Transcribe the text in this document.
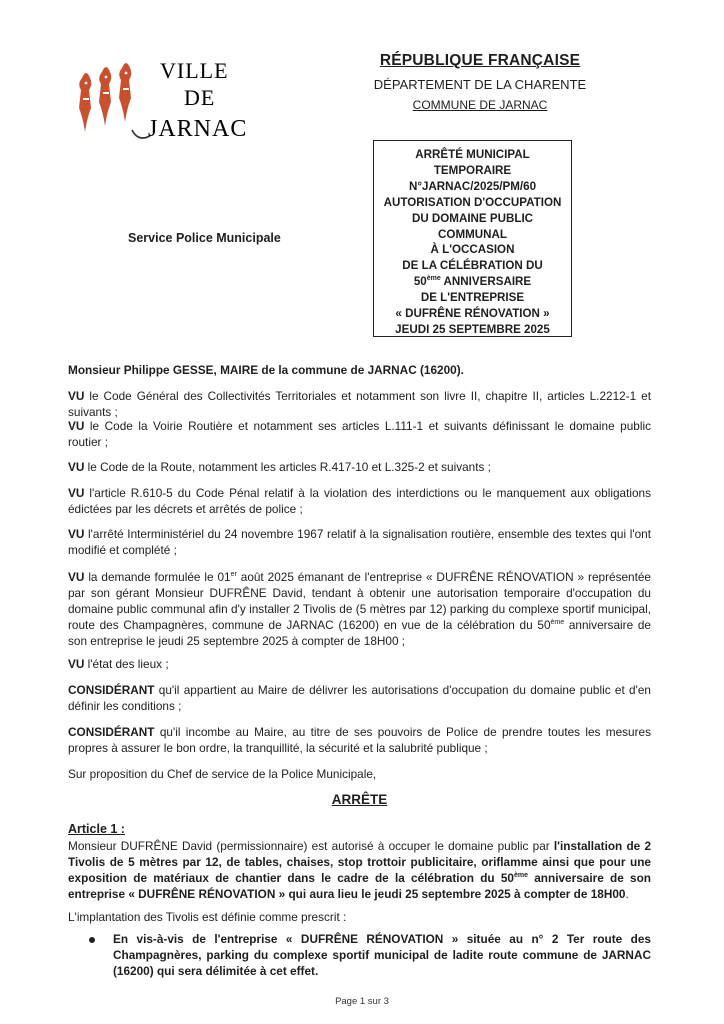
VILLE
DE
JARNAC
RÉPUBLIQUE FRANÇAISE
DÉPARTEMENT DE LA CHARENTE
COMMUNE DE JARNAC
ARRÊTÉ MUNICIPAL
TEMPORAIRE
N°JARNAC/2025/PM/60
AUTORISATION D'OCCUPATION
DU DOMAINE PUBLIC
COMMUNAL
À L'OCCASION
DE LA CÉLÉBRATION DU
50ème ANNIVERSAIRE
DE L'ENTREPRISE
« DUFRÊNE RÉNOVATION »
JEUDI 25 SEPTEMBRE 2025
Service Police Municipale
Monsieur Philippe GESSE, MAIRE de la commune de JARNAC (16200).
VU le Code Général des Collectivités Territoriales et notamment son livre II, chapitre II, articles L.2212-1 et suivants ;
VU le Code la Voirie Routière et notamment ses articles L.111-1 et suivants définissant le domaine public routier ;
VU le Code de la Route, notamment les articles R.417-10 et L.325-2 et suivants ;
VU l'article R.610-5 du Code Pénal relatif à la violation des interdictions ou le manquement aux obligations édictées par les décrets et arrêtés de police ;
VU l'arrêté Interministériel du 24 novembre 1967 relatif à la signalisation routière, ensemble des textes qui l'ont modifié et complété ;
VU la demande formulée le 01er août 2025 émanant de l'entreprise « DUFRÊNE RÉNOVATION » représentée par son gérant Monsieur DUFRÊNE David, tendant à obtenir une autorisation temporaire d'occupation du domaine public communal afin d'y installer 2 Tivolis de (5 mètres par 12) parking du complexe sportif municipal, route des Champagnères, commune de JARNAC (16200) en vue de la célébration du 50ème anniversaire de son entreprise le jeudi 25 septembre 2025 à compter de 18H00 ;
VU l'état des lieux ;
CONSIDÉRANT qu'il appartient au Maire de délivrer les autorisations d'occupation du domaine public et d'en définir les conditions ;
CONSIDÉRANT qu'il incombe au Maire, au titre de ses pouvoirs de Police de prendre toutes les mesures propres à assurer le bon ordre, la tranquillité, la sécurité et la salubrité publique ;
Sur proposition du Chef de service de la Police Municipale,
ARRÊTE
Article 1 :
Monsieur DUFRÊNE David (permissionnaire) est autorisé à occuper le domaine public par l'installation de 2 Tivolis de 5 mètres par 12, de tables, chaises, stop trottoir publicitaire, oriflamme ainsi que pour une exposition de matériaux de chantier dans le cadre de la célébration du 50ème anniversaire de son entreprise « DUFRÊNE RÉNOVATION » qui aura lieu le jeudi 25 septembre 2025 à compter de 18H00.
L'implantation des Tivolis est définie comme prescrit :
En vis-à-vis de l'entreprise « DUFRÊNE RÉNOVATION » située au n° 2 Ter route des Champagnères, parking du complexe sportif municipal de ladite route commune de JARNAC (16200) qui sera délimitée à cet effet.
Page 1 sur 3
